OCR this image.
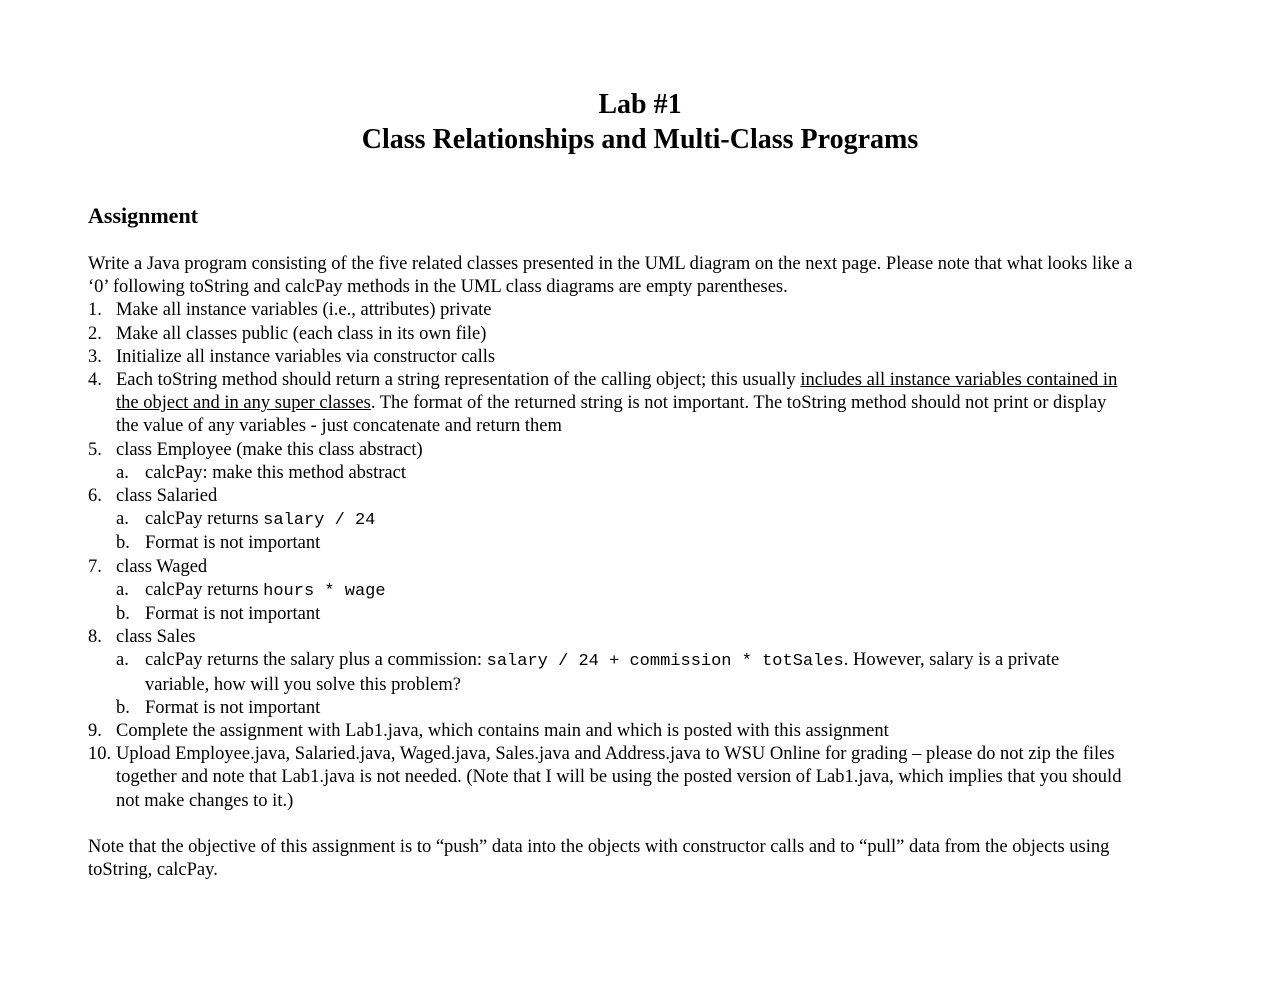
Lab #1
Class Relationships and Multi-Class Programs
Assignment

Write a Java program consisting of the five related classes presented in the UML diagram on the next page. Please note that what looks like a

‘0’ following toString and calcPay methods in the UML class diagrams are empty parentheses.

1. Make all instance variables (i.e., attributes) private
2. Make all classes public (each class in its own file)
3. Initialize all instance variables via constructor calls
4. Each toString method should return a string representation of the calling object; this usually includes all instance variables contained in
the object and in any super classes. The format of the returned string is not important. The toString method should not print or display
the value of any variables - just concatenate and return them
5. class Employee (make this class abstract)
a. calcPay: make this method abstract
6. class Salaried
a. calcPay returns salary / 24
b. Format is not important
7. class Waged
a. calcPay returns hours * wage
b. Format is not important
8. class Sales
a. calcPay returns the salary plus a commission: salary / 24 + commission * totSales. However, salary is a private
variable, how will you solve this problem?
b. Format is not important
9. Complete the assignment with Lab1.java, which contains main and which is posted with this assignment
10. Upload Employee.java, Salaried.java, Waged.java, Sales.java and Address.java to WSU Online for grading – please do not zip the files
together and note that Lab1.java is not needed. (Note that I will be using the posted version of Lab1.java, which implies that you should
not make changes to it.)

Note that the objective of this assignment is to “push” data into the objects with constructor calls and to “pull” data from the objects using

toString, calcPay.
